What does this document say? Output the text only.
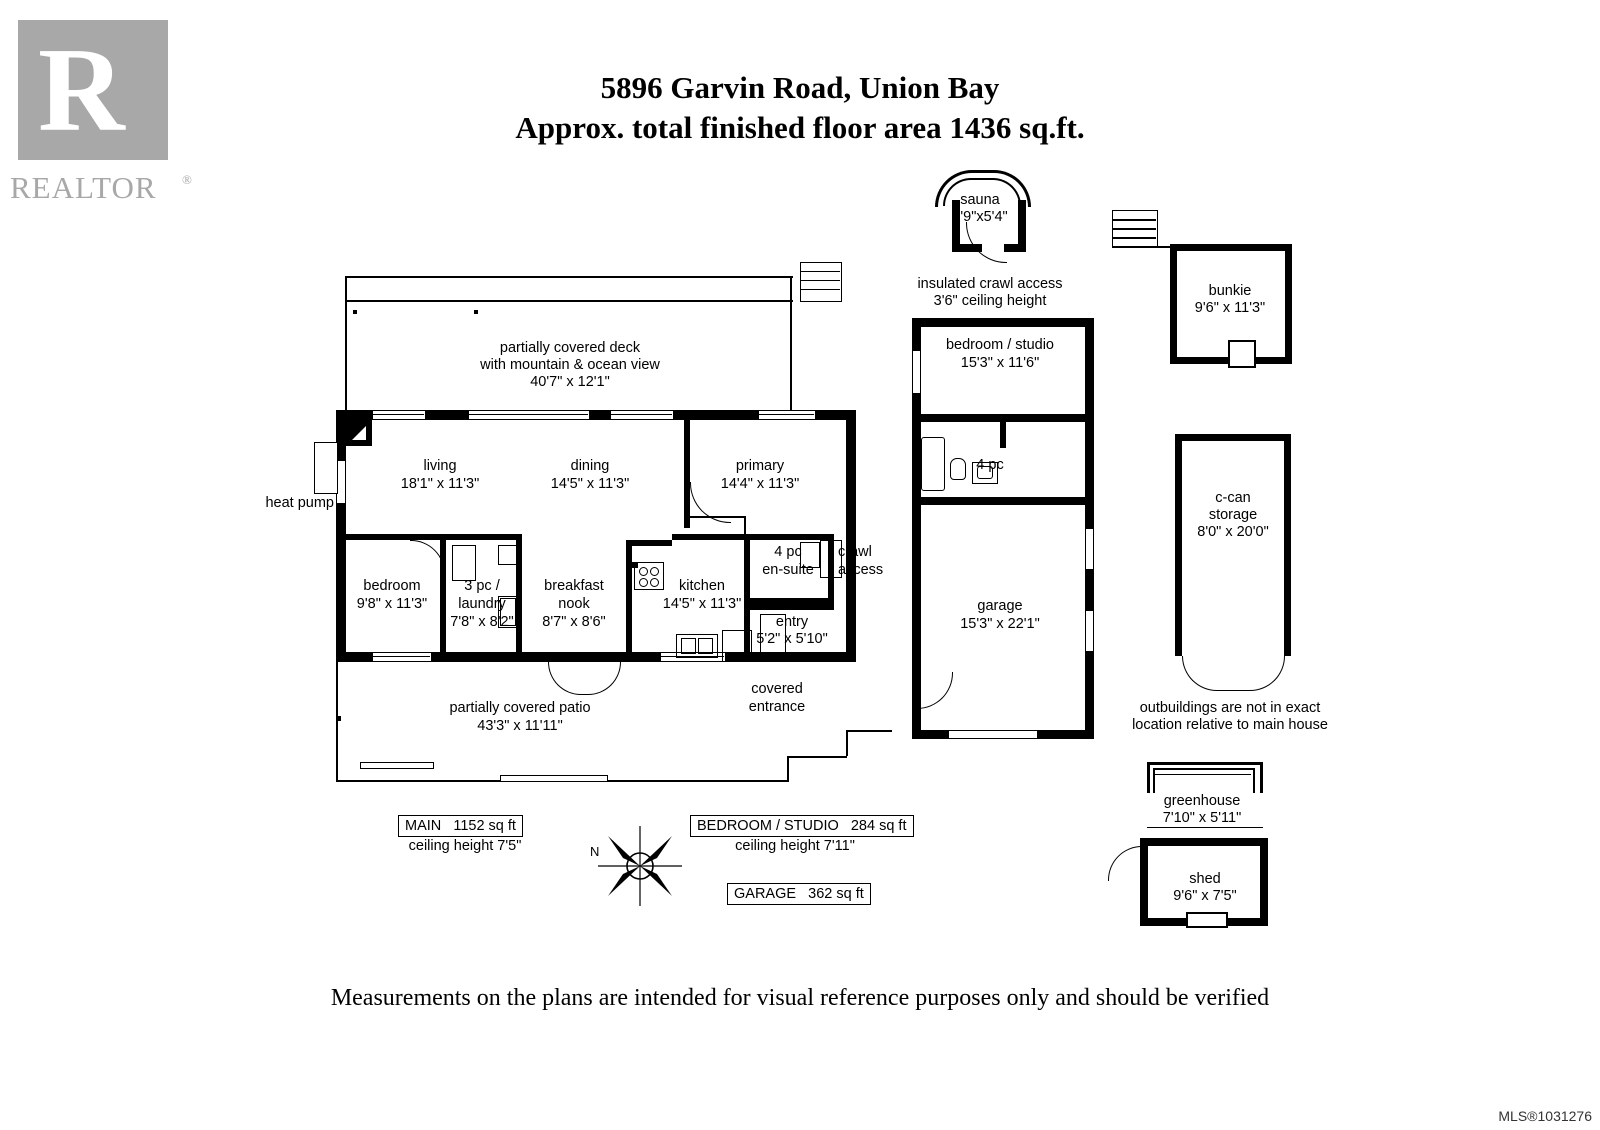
R
REALTOR ®
5896 Garvin Road, Union Bay
Approx. total finished floor area 1436 sq.ft.
sauna
5'9"x5'4"
insulated crawl access
3'6" ceiling height
bunkie
9'6" x 11'3"
c-can
storage
8'0" x 20'0"
outbuildings are not in exact
location relative to main house
greenhouse
7'10" x 5'11"
shed
9'6" x 7'5"
bedroom / studio
15'3" x 11'6"
4 pc
garage
15'3" x 22'1"
partially covered deck
with mountain & ocean view
40'7" x 12'1"
living
18'1" x 11'3"
dining
14'5" x 11'3"
primary
14'4" x 11'3"
heat pump
bedroom
9'8" x 11'3"
3 pc /
laundry
7'8" x 8'2"
breakfast
nook
8'7" x 8'6"
kitchen
14'5" x 11'3"
4 pc
en-suite
crawl
access
entry
5'2" x 5'10"
covered
entrance
partially covered patio
43'3" x 11'11"
MAIN   1152 sq ft
ceiling height 7'5"
BEDROOM / STUDIO   284 sq ft
ceiling height 7'11"
GARAGE   362 sq ft
N
Measurements on the plans are intended for visual reference purposes only and should be verified
MLS®1031276
